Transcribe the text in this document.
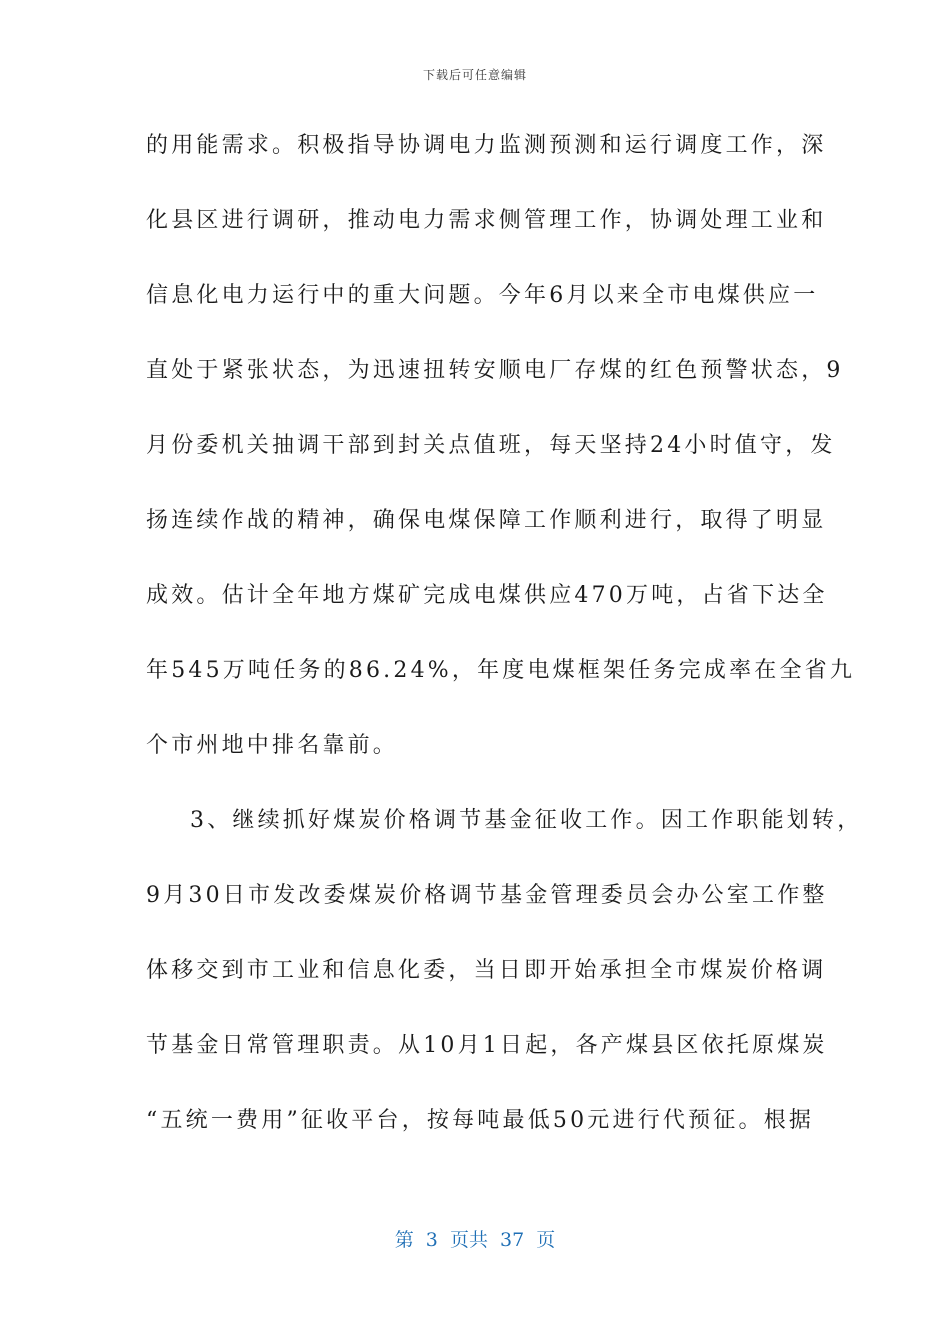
下载后可任意编辑
的用能需求。积极指导协调电力监测预测和运行调度工作，深
化县区进行调研，推动电力需求侧管理工作，协调处理工业和
信息化电力运行中的重大问题。今年6月以来全市电煤供应一
直处于紧张状态，为迅速扭转安顺电厂存煤的红色预警状态，9
月份委机关抽调干部到封关点值班，每天坚持24小时值守，发
扬连续作战的精神，确保电煤保障工作顺利进行，取得了明显
成效。估计全年地方煤矿完成电煤供应470万吨，占省下达全
年545万吨任务的86.24%，年度电煤框架任务完成率在全省九
个市州地中排名靠前。
3、继续抓好煤炭价格调节基金征收工作。因工作职能划转，
9月30日市发改委煤炭价格调节基金管理委员会办公室工作整
体移交到市工业和信息化委，当日即开始承担全市煤炭价格调
节基金日常管理职责。从10月1日起，各产煤县区依托原煤炭
“五统一费用”征收平台，按每吨最低50元进行代预征。根据
第  3  页共  37  页
